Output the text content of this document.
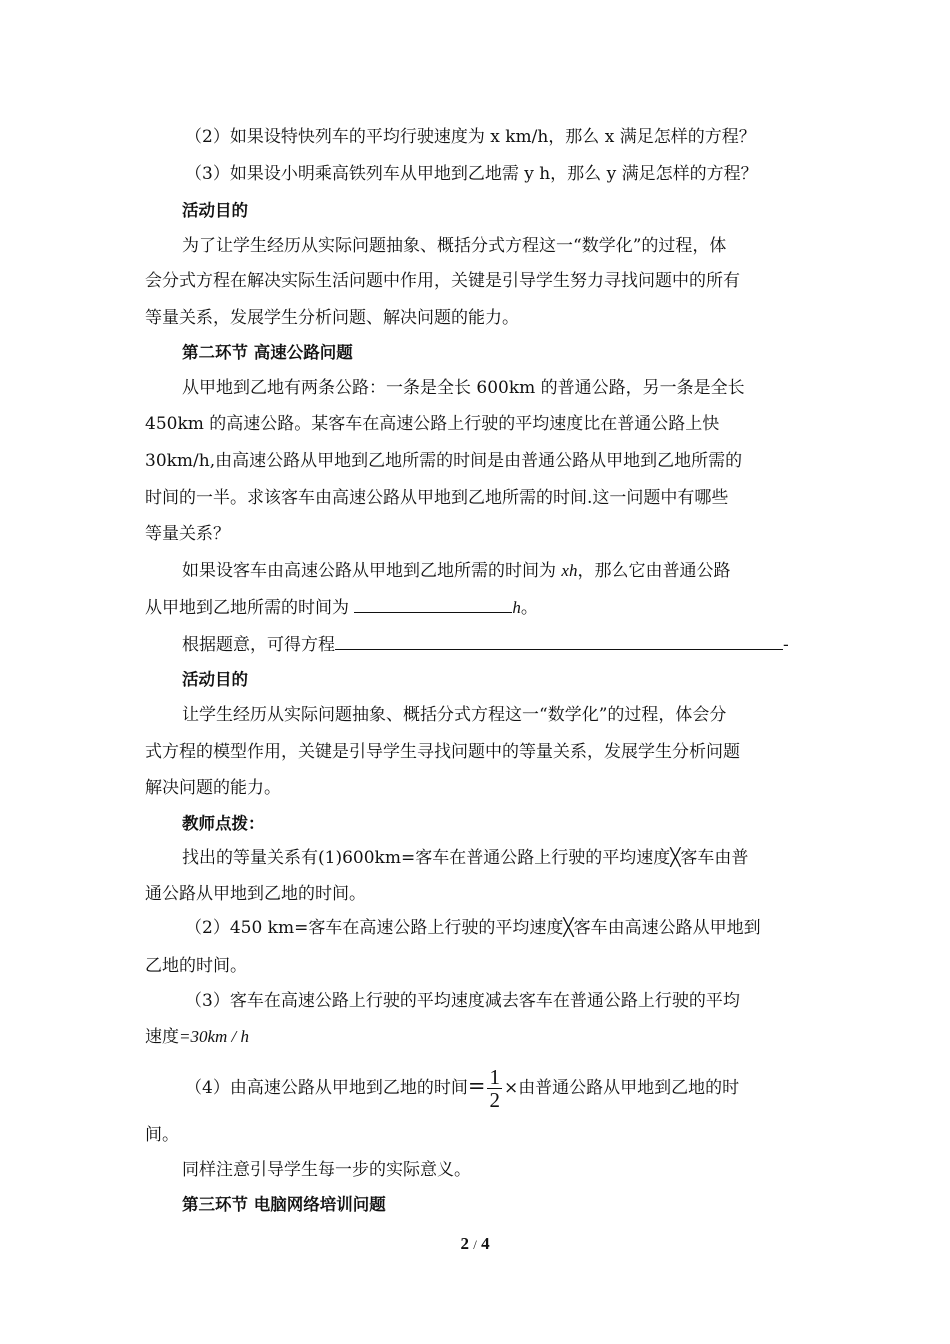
（2）如果设特快列车的平均行驶速度为 x km/h，那么 x 满足怎样的方程？
（3）如果设小明乘高铁列车从甲地到乙地需 y h，那么 y 满足怎样的方程？
活动目的
为了让学生经历从实际问题抽象、概括分式方程这一“数学化”的过程，体
会分式方程在解决实际生活问题中作用，关键是引导学生努力寻找问题中的所有
等量关系，发展学生分析问题、解决问题的能力。
第二环节 高速公路问题
从甲地到乙地有两条公路：一条是全长 600km 的普通公路，另一条是全长
450km 的高速公路。某客车在高速公路上行驶的平均速度比在普通公路上快
30km/h,由高速公路从甲地到乙地所需的时间是由普通公路从甲地到乙地所需的
时间的一半。求该客车由高速公路从甲地到乙地所需的时间.这一问题中有哪些
等量关系？
如果设客车由高速公路从甲地到乙地所需的时间为 xh，那么它由普通公路
从甲地到乙地所需的时间为	h。
根据题意，可得方程	-
活动目的
让学生经历从实际问题抽象、概括分式方程这一“数学化”的过程，体会分
式方程的模型作用，关键是引导学生寻找问题中的等量关系，发展学生分析问题
解决问题的能力。
教师点拨：
找出的等量关系有(1)600km=客车在普通公路上行驶的平均速度╳客车由普
通公路从甲地到乙地的时间。
（2）450 km=客车在高速公路上行驶的平均速度╳客车由高速公路从甲地到
乙地的时间。
（3）客车在高速公路上行驶的平均速度减去客车在普通公路上行驶的平均
速度=30km / h
（4）由高速公路从甲地到乙地的时间= $\frac{1}{2}$ ×由普通公路从甲地到乙地的时
间。
同样注意引导学生每一步的实际意义。
第三环节 电脑网络培训问题
2 / 4
